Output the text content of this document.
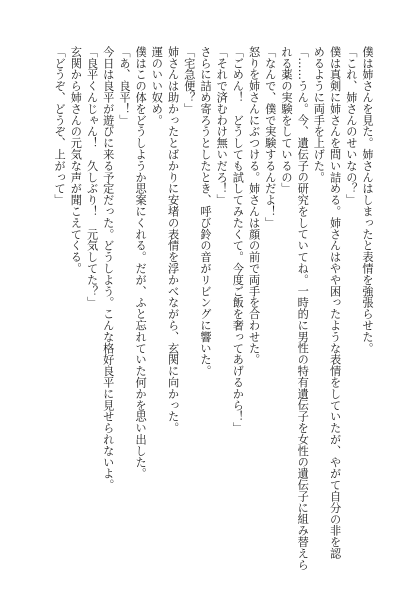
僕は姉さんを見た。姉さんはしまったと表情を強張らせた。
「これ、姉さんのせいなの？」
僕は真剣に姉さんを問い詰める。姉さんはやや困ったような表情をしていたが、やがて自分の非を認
めるように両手を上げた。
「……うん。今、遺伝子の研究をしていてね。一時的に男性の特有遺伝子を女性の遺伝子に組み替えら
れる薬の実験をしているの」
「なんで、僕で実験するんだよ！」
怒りを姉さんにぶつける。姉さんは顔の前で両手を合わせた。
「ごめん！　どうしても試してみたくて。今度ご飯を奢ってあげるから！」
「それで済むわけ無いだろ！」
さらに詰め寄ろうとしたとき、呼び鈴の音がリビングに響いた。
「宅急便？」
姉さんは助かったとばかりに安堵の表情を浮かべながら、玄関に向かった。
運のいい奴め。
僕はこの体をどうしようか思案にくれる。だが、ふと忘れていた何かを思い出した。
「あ、良平！」
今日は良平が遊びに来る予定だった。どうしよう。こんな格好良平に見せられないよ。
「良平くんじゃん！　久しぶり！　元気してた？」
玄関から姉さんの元気な声が聞こえてくる。
「どうぞ、どうぞ、上がって」
